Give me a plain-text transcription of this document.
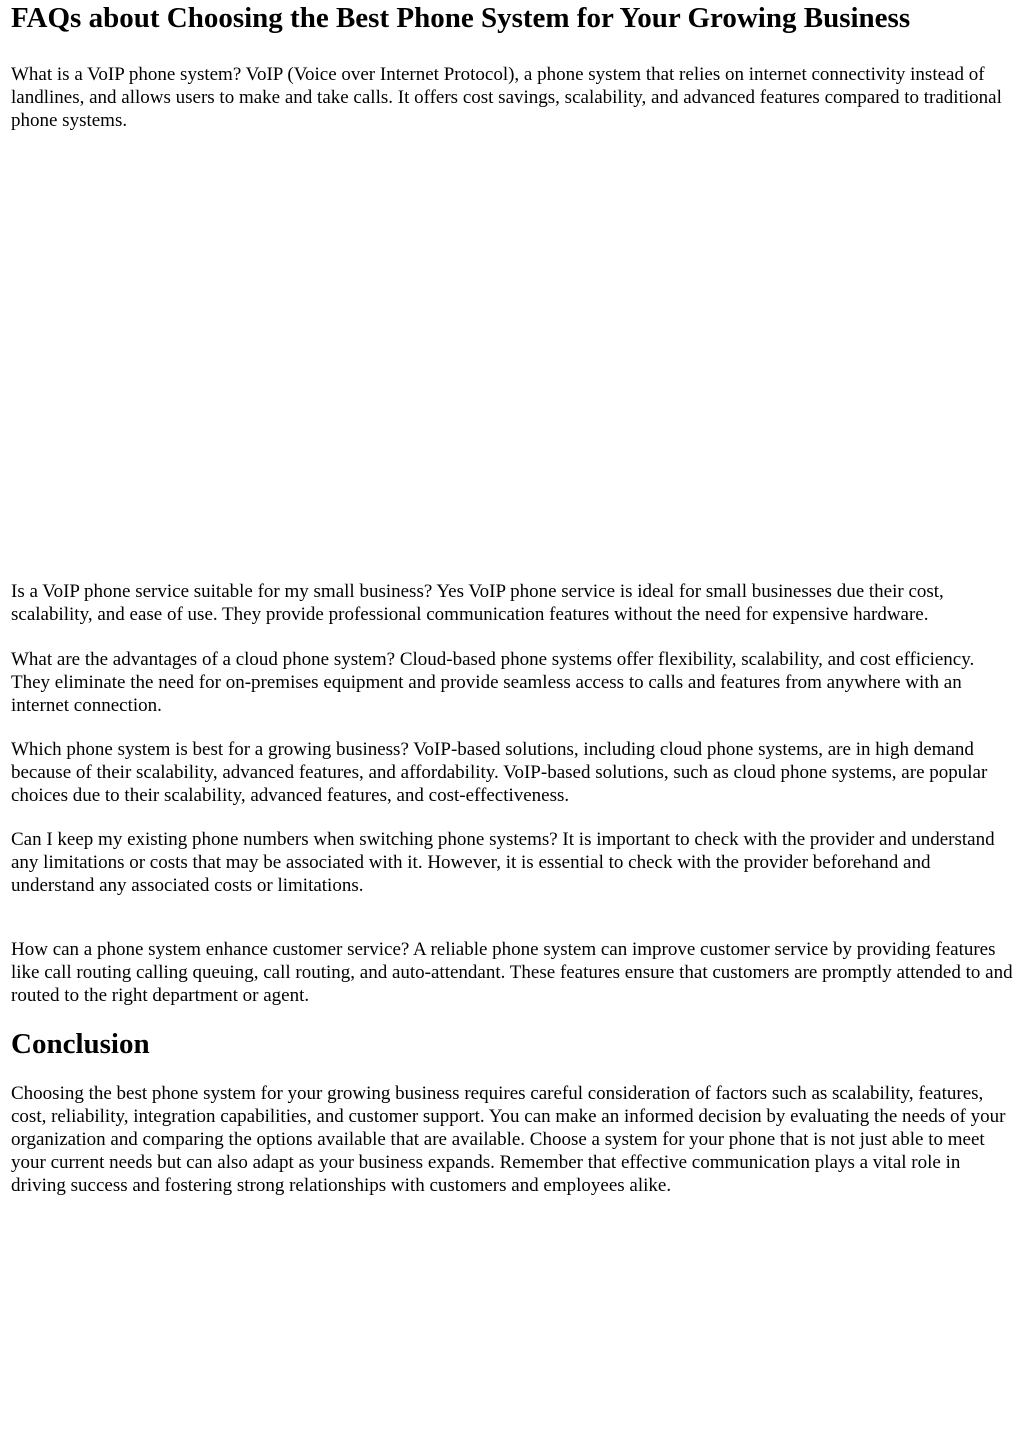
FAQs about Choosing the Best Phone System for Your Growing Business

What is a VoIP phone system? VoIP (Voice over Internet Protocol), a phone system that relies on internet connectivity instead of landlines, and allows users to make and take calls. It offers cost savings, scalability, and advanced features compared to traditional phone systems.

Is a VoIP phone service suitable for my small business? Yes VoIP phone service is ideal for small businesses due their cost, scalability, and ease of use. They provide professional communication features without the need for expensive hardware.

What are the advantages of a cloud phone system? Cloud-based phone systems offer flexibility, scalability, and cost efficiency. They eliminate the need for on-premises equipment and provide seamless access to calls and features from anywhere with an internet connection.

Which phone system is best for a growing business? VoIP-based solutions, including cloud phone systems, are in high demand because of their scalability, advanced features, and affordability. VoIP-based solutions, such as cloud phone systems, are popular choices due to their scalability, advanced features, and cost-effectiveness.

Can I keep my existing phone numbers when switching phone systems? It is important to check with the provider and understand any limitations or costs that may be associated with it. However, it is essential to check with the provider beforehand and understand any associated costs or limitations.

How can a phone system enhance customer service? A reliable phone system can improve customer service by providing features like call routing calling queuing, call routing, and auto-attendant. These features ensure that customers are promptly attended to and routed to the right department or agent.

Conclusion

Choosing the best phone system for your growing business requires careful consideration of factors such as scalability, features, cost, reliability, integration capabilities, and customer support. You can make an informed decision by evaluating the needs of your organization and comparing the options available that are available. Choose a system for your phone that is not just able to meet your current needs but can also adapt as your business expands. Remember that effective communication plays a vital role in driving success and fostering strong relationships with customers and employees alike.
